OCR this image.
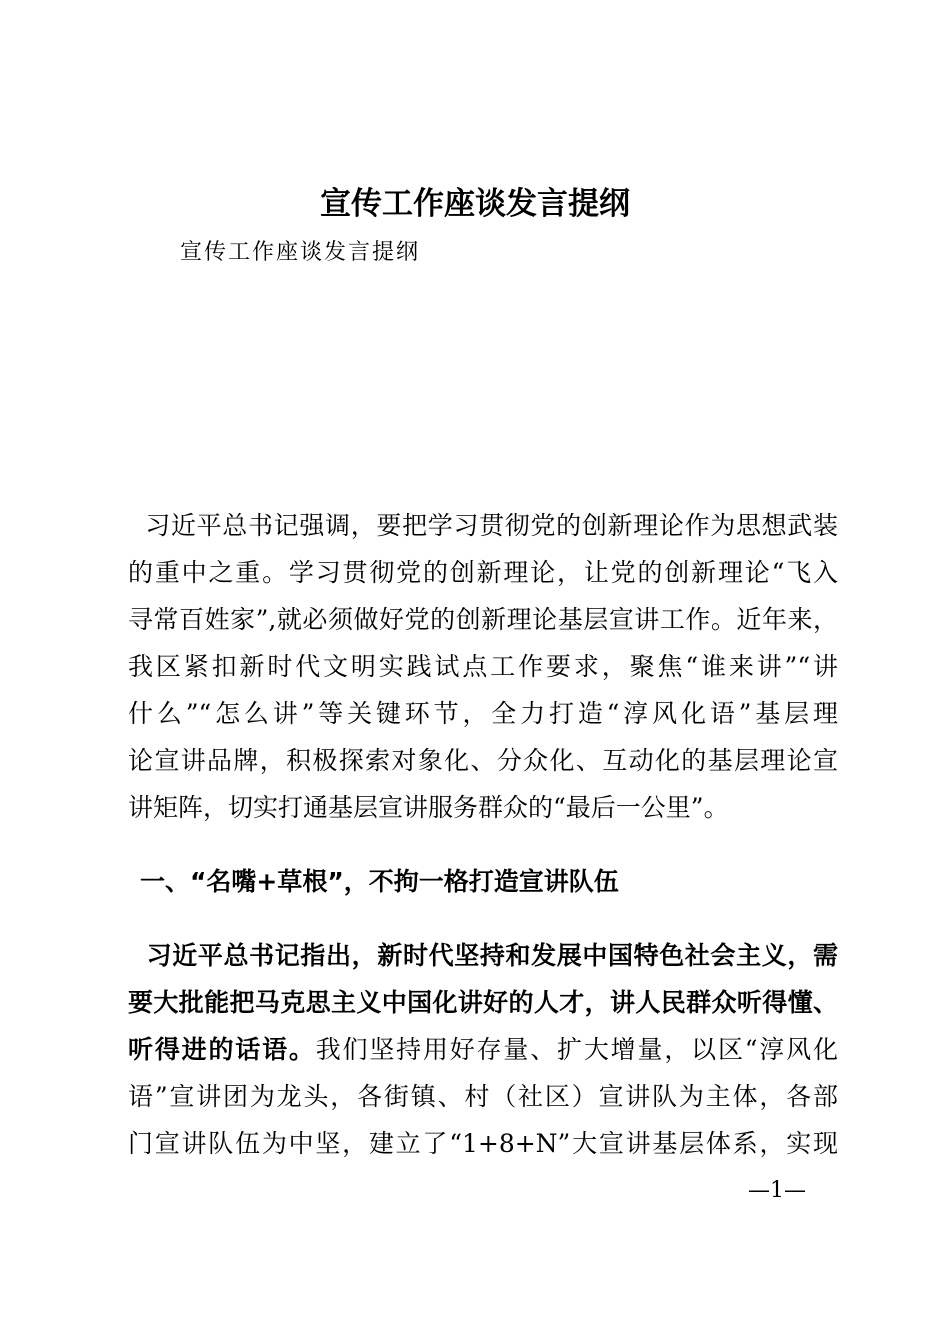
宣传工作座谈发言提纲
宣传工作座谈发言提纲
习近平总书记强调，要把学习贯彻党的创新理论作为思想武装
的重中之重。学习贯彻党的创新理论，让党的创新理论“飞入
寻常百姓家”,就必须做好党的创新理论基层宣讲工作。近年来，
我区紧扣新时代文明实践试点工作要求，聚焦“谁来讲”“讲
什么”“怎么讲”等关键环节，全力打造“淳风化语”基层理
论宣讲品牌，积极探索对象化、分众化、互动化的基层理论宣
讲矩阵，切实打通基层宣讲服务群众的“最后一公里”。
一、“名嘴+草根”，不拘一格打造宣讲队伍
习近平总书记指出，新时代坚持和发展中国特色社会主义，需
要大批能把马克思主义中国化讲好的人才，讲人民群众听得懂、
听得进的话语。我们坚持用好存量、扩大增量，以区“淳风化
语”宣讲团为龙头，各街镇、村（社区）宣讲队为主体，各部
门宣讲队伍为中坚，建立了“1+8+N”大宣讲基层体系，实现
—1—
